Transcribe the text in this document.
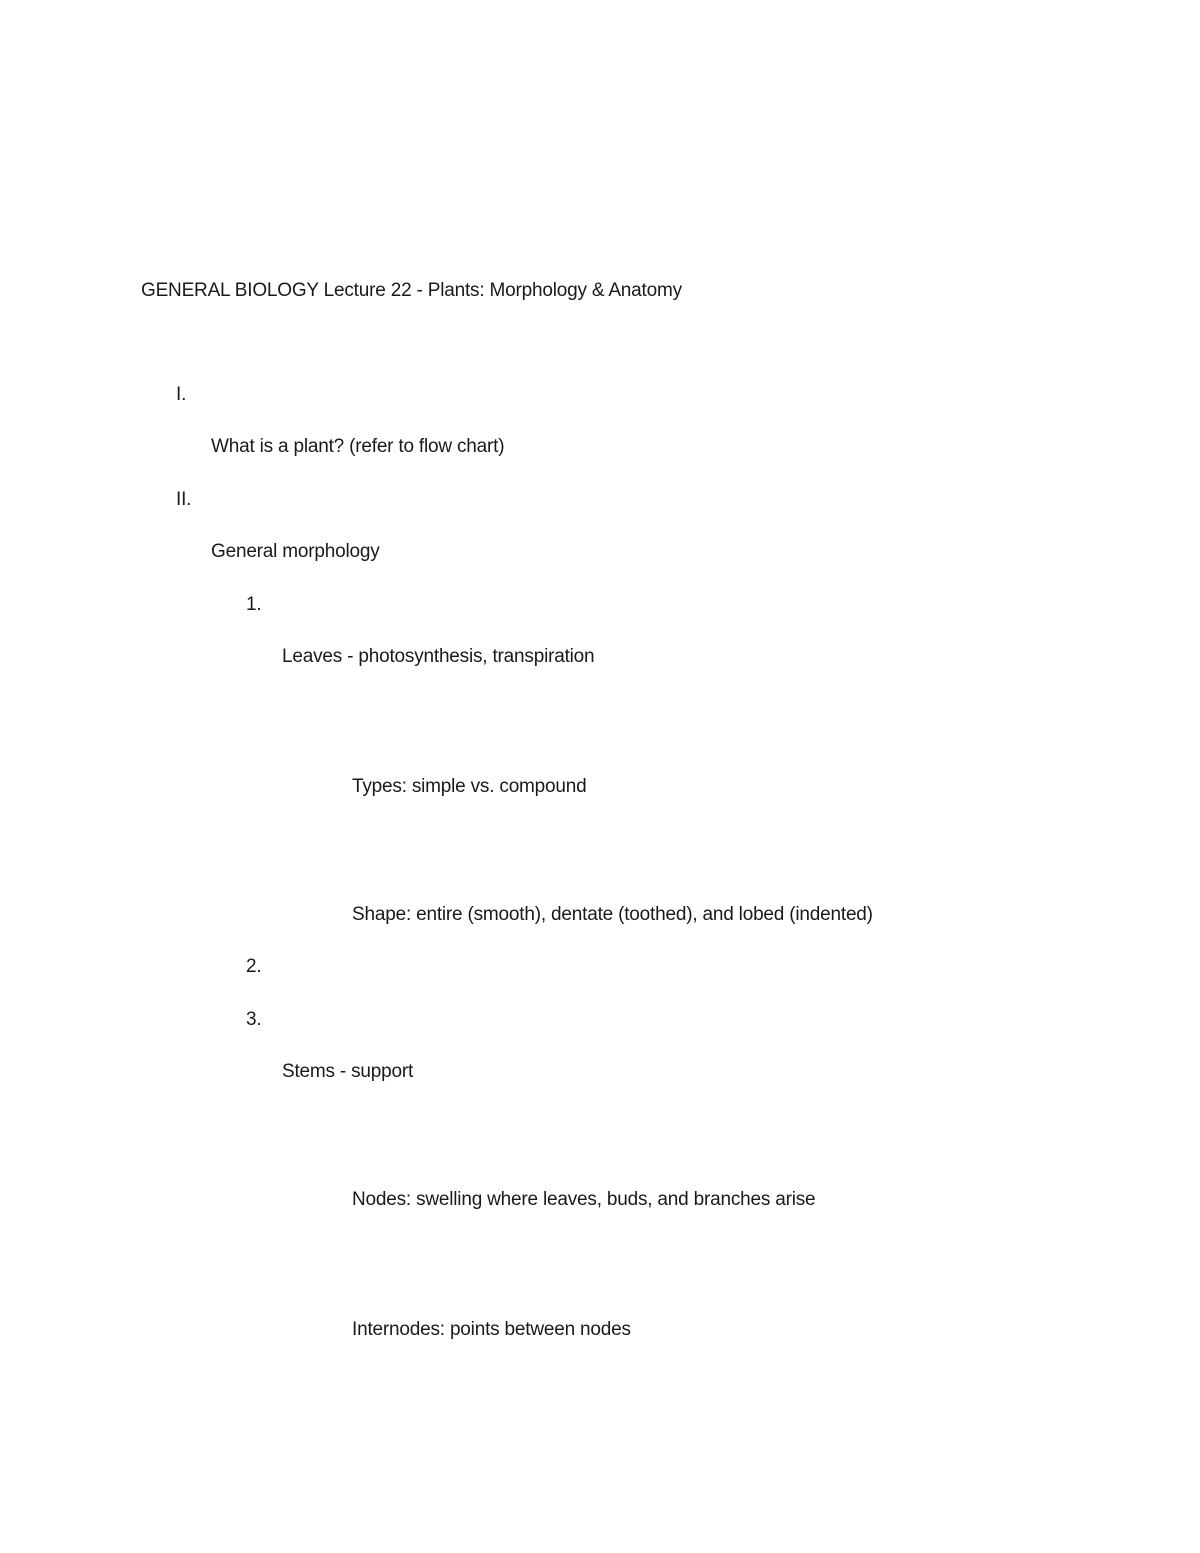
GENERAL BIOLOGY Lecture 22 - Plants: Morphology & Anatomy
I.
What is a plant? (refer to flow chart)
II.
General morphology
1.
Leaves - photosynthesis, transpiration
Types: simple vs. compound
Shape: entire (smooth), dentate (toothed), and lobed (indented)
2.
3.
Stems - support
Nodes: swelling where leaves, buds, and branches arise
Internodes: points between nodes
